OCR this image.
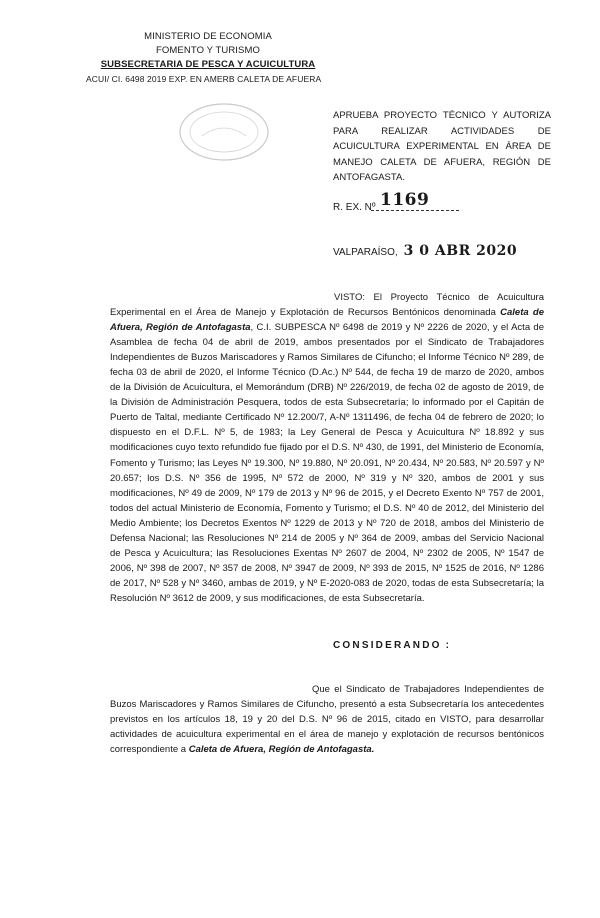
MINISTERIO DE ECONOMIA
FOMENTO Y TURISMO
SUBSECRETARIA DE PESCA Y ACUICULTURA
ACUI/ CI. 6498 2019 EXP. EN AMERB CALETA DE AFUERA
APRUEBA PROYECTO TÉCNICO Y AUTORIZA PARA REALIZAR ACTIVIDADES DE ACUICULTURA EXPERIMENTAL EN ÁREA DE MANEJO CALETA DE AFUERA, REGIÓN DE ANTOFAGASTA.
R. EX. Nº 1169
VALPARAÍSO, 3 0 ABR 2020

VISTO: El Proyecto Técnico de Acuicultura Experimental en el Área de Manejo y Explotación de Recursos Bentónicos denominada Caleta de Afuera, Región de Antofagasta, C.I. SUBPESCA Nº 6498 de 2019 y Nº 2226 de 2020, y el Acta de Asamblea de fecha 04 de abril de 2019, ambos presentados por el Sindicato de Trabajadores Independientes de Buzos Mariscadores y Ramos Similares de Cifuncho; el Informe Técnico Nº 289, de fecha 03 de abril de 2020, el Informe Técnico (D.Ac.) Nº 544, de fecha 19 de marzo de 2020, ambos de la División de Acuicultura, el Memorándum (DRB) Nº 226/2019, de fecha 02 de agosto de 2019, de la División de Administración Pesquera, todos de esta Subsecretaría; lo informado por el Capitán de Puerto de Taltal, mediante Certificado Nº 12.200/7, A-Nº 1311496, de fecha 04 de febrero de 2020; lo dispuesto en el D.F.L. Nº 5, de 1983; la Ley General de Pesca y Acuicultura Nº 18.892 y sus modificaciones cuyo texto refundido fue fijado por el D.S. Nº 430, de 1991, del Ministerio de Economía, Fomento y Turismo; las Leyes Nº 19.300, Nº 19.880, Nº 20.091, Nº 20.434, Nº 20.583, Nº 20.597 y Nº 20.657; los D.S. Nº 356 de 1995, Nº 572 de 2000, Nº 319 y Nº 320, ambos de 2001 y sus modificaciones, Nº 49 de 2009, Nº 179 de 2013 y Nº 96 de 2015, y el Decreto Exento Nº 757 de 2001, todos del actual Ministerio de Economía, Fomento y Turismo; el D.S. Nº 40 de 2012, del Ministerio del Medio Ambiente; los Decretos Exentos Nº 1229 de 2013 y Nº 720 de 2018, ambos del Ministerio de Defensa Nacional; las Resoluciones Nº 214 de 2005 y Nº 364 de 2009, ambas del Servicio Nacional de Pesca y Acuicultura; las Resoluciones Exentas Nº 2607 de 2004, Nº 2302 de 2005, Nº 1547 de 2006, Nº 398 de 2007, Nº 357 de 2008, Nº 3947 de 2009, Nº 393 de 2015, Nº 1525 de 2016, Nº 1286 de 2017, Nº 528 y Nº 3460, ambas de 2019, y Nº E-2020-083 de 2020, todas de esta Subsecretaría; la Resolución Nº 3612 de 2009, y sus modificaciones, de esta Subsecretaría.

CONSIDERANDO :

Que el Sindicato de Trabajadores Independientes de Buzos Mariscadores y Ramos Similares de Cifuncho, presentó a esta Subsecretaría los antecedentes previstos en los artículos 18, 19 y 20 del D.S. Nº 96 de 2015, citado en VISTO, para desarrollar actividades de acuicultura experimental en el área de manejo y explotación de recursos bentónicos correspondiente a Caleta de Afuera, Región de Antofagasta.
